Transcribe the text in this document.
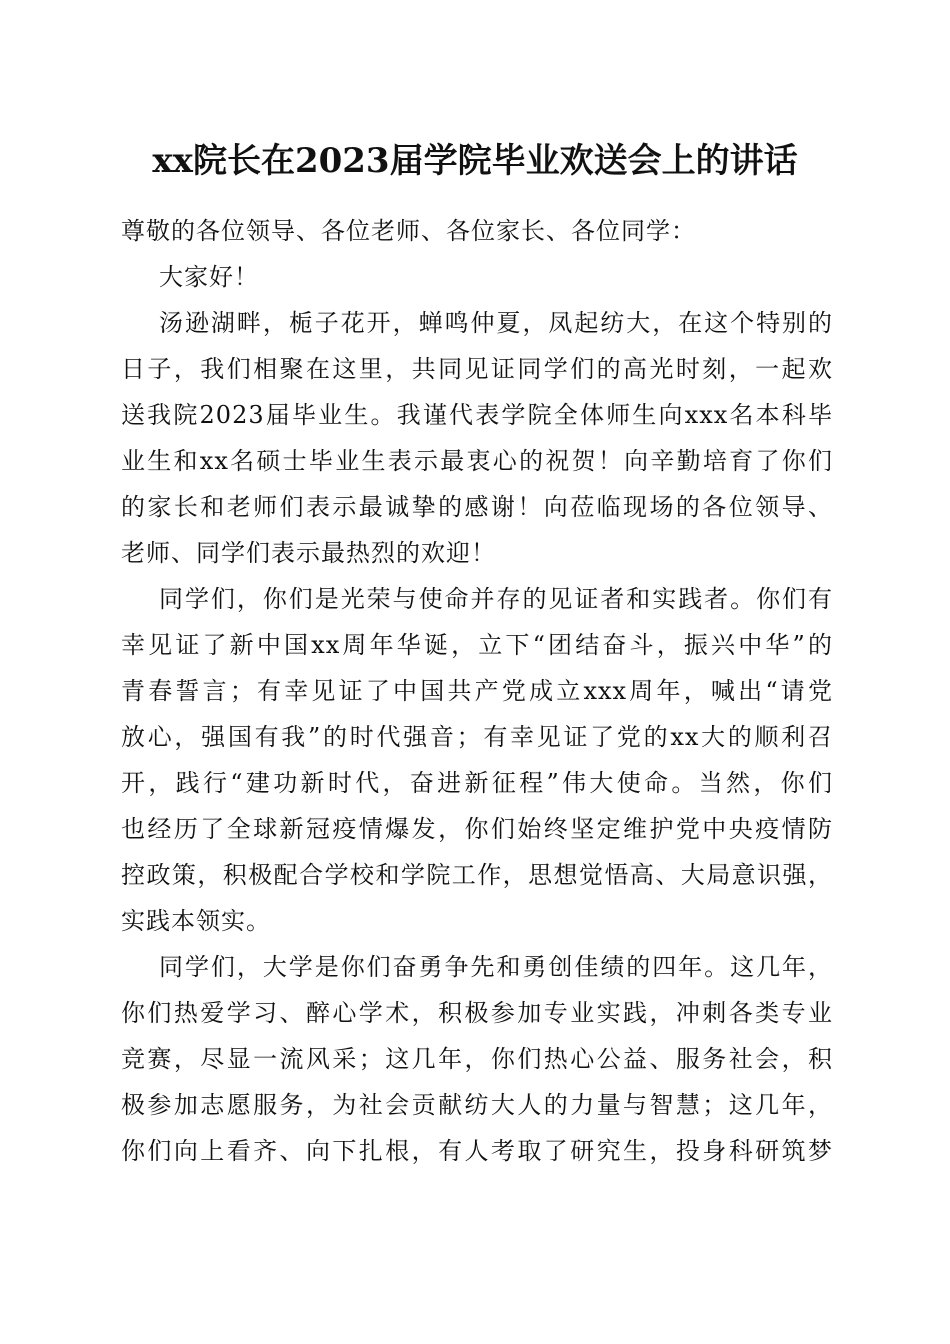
xx院长在2023届学院毕业欢送会上的讲话
尊敬的各位领导、各位老师、各位家长、各位同学：
大家好！
汤逊湖畔，栀子花开，蝉鸣仲夏，凤起纺大，在这个特别的
日子，我们相聚在这里，共同见证同学们的高光时刻，一起欢
送我院2023届毕业生。我谨代表学院全体师生向xxx名本科毕
业生和xx名硕士毕业生表示最衷心的祝贺！向辛勤培育了你们
的家长和老师们表示最诚挚的感谢！向莅临现场的各位领导、
老师、同学们表示最热烈的欢迎！
同学们，你们是光荣与使命并存的见证者和实践者。你们有
幸见证了新中国xx周年华诞，立下“团结奋斗，振兴中华”的
青春誓言；有幸见证了中国共产党成立xxx周年，喊出“请党
放心，强国有我”的时代强音；有幸见证了党的xx大的顺利召
开，践行“建功新时代，奋进新征程”伟大使命。当然，你们
也经历了全球新冠疫情爆发，你们始终坚定维护党中央疫情防
控政策，积极配合学校和学院工作，思想觉悟高、大局意识强，
实践本领实。
同学们，大学是你们奋勇争先和勇创佳绩的四年。这几年，
你们热爱学习、醉心学术，积极参加专业实践，冲刺各类专业
竞赛，尽显一流风采；这几年，你们热心公益、服务社会，积
极参加志愿服务，为社会贡献纺大人的力量与智慧；这几年，
你们向上看齐、向下扎根，有人考取了研究生，投身科研筑梦
